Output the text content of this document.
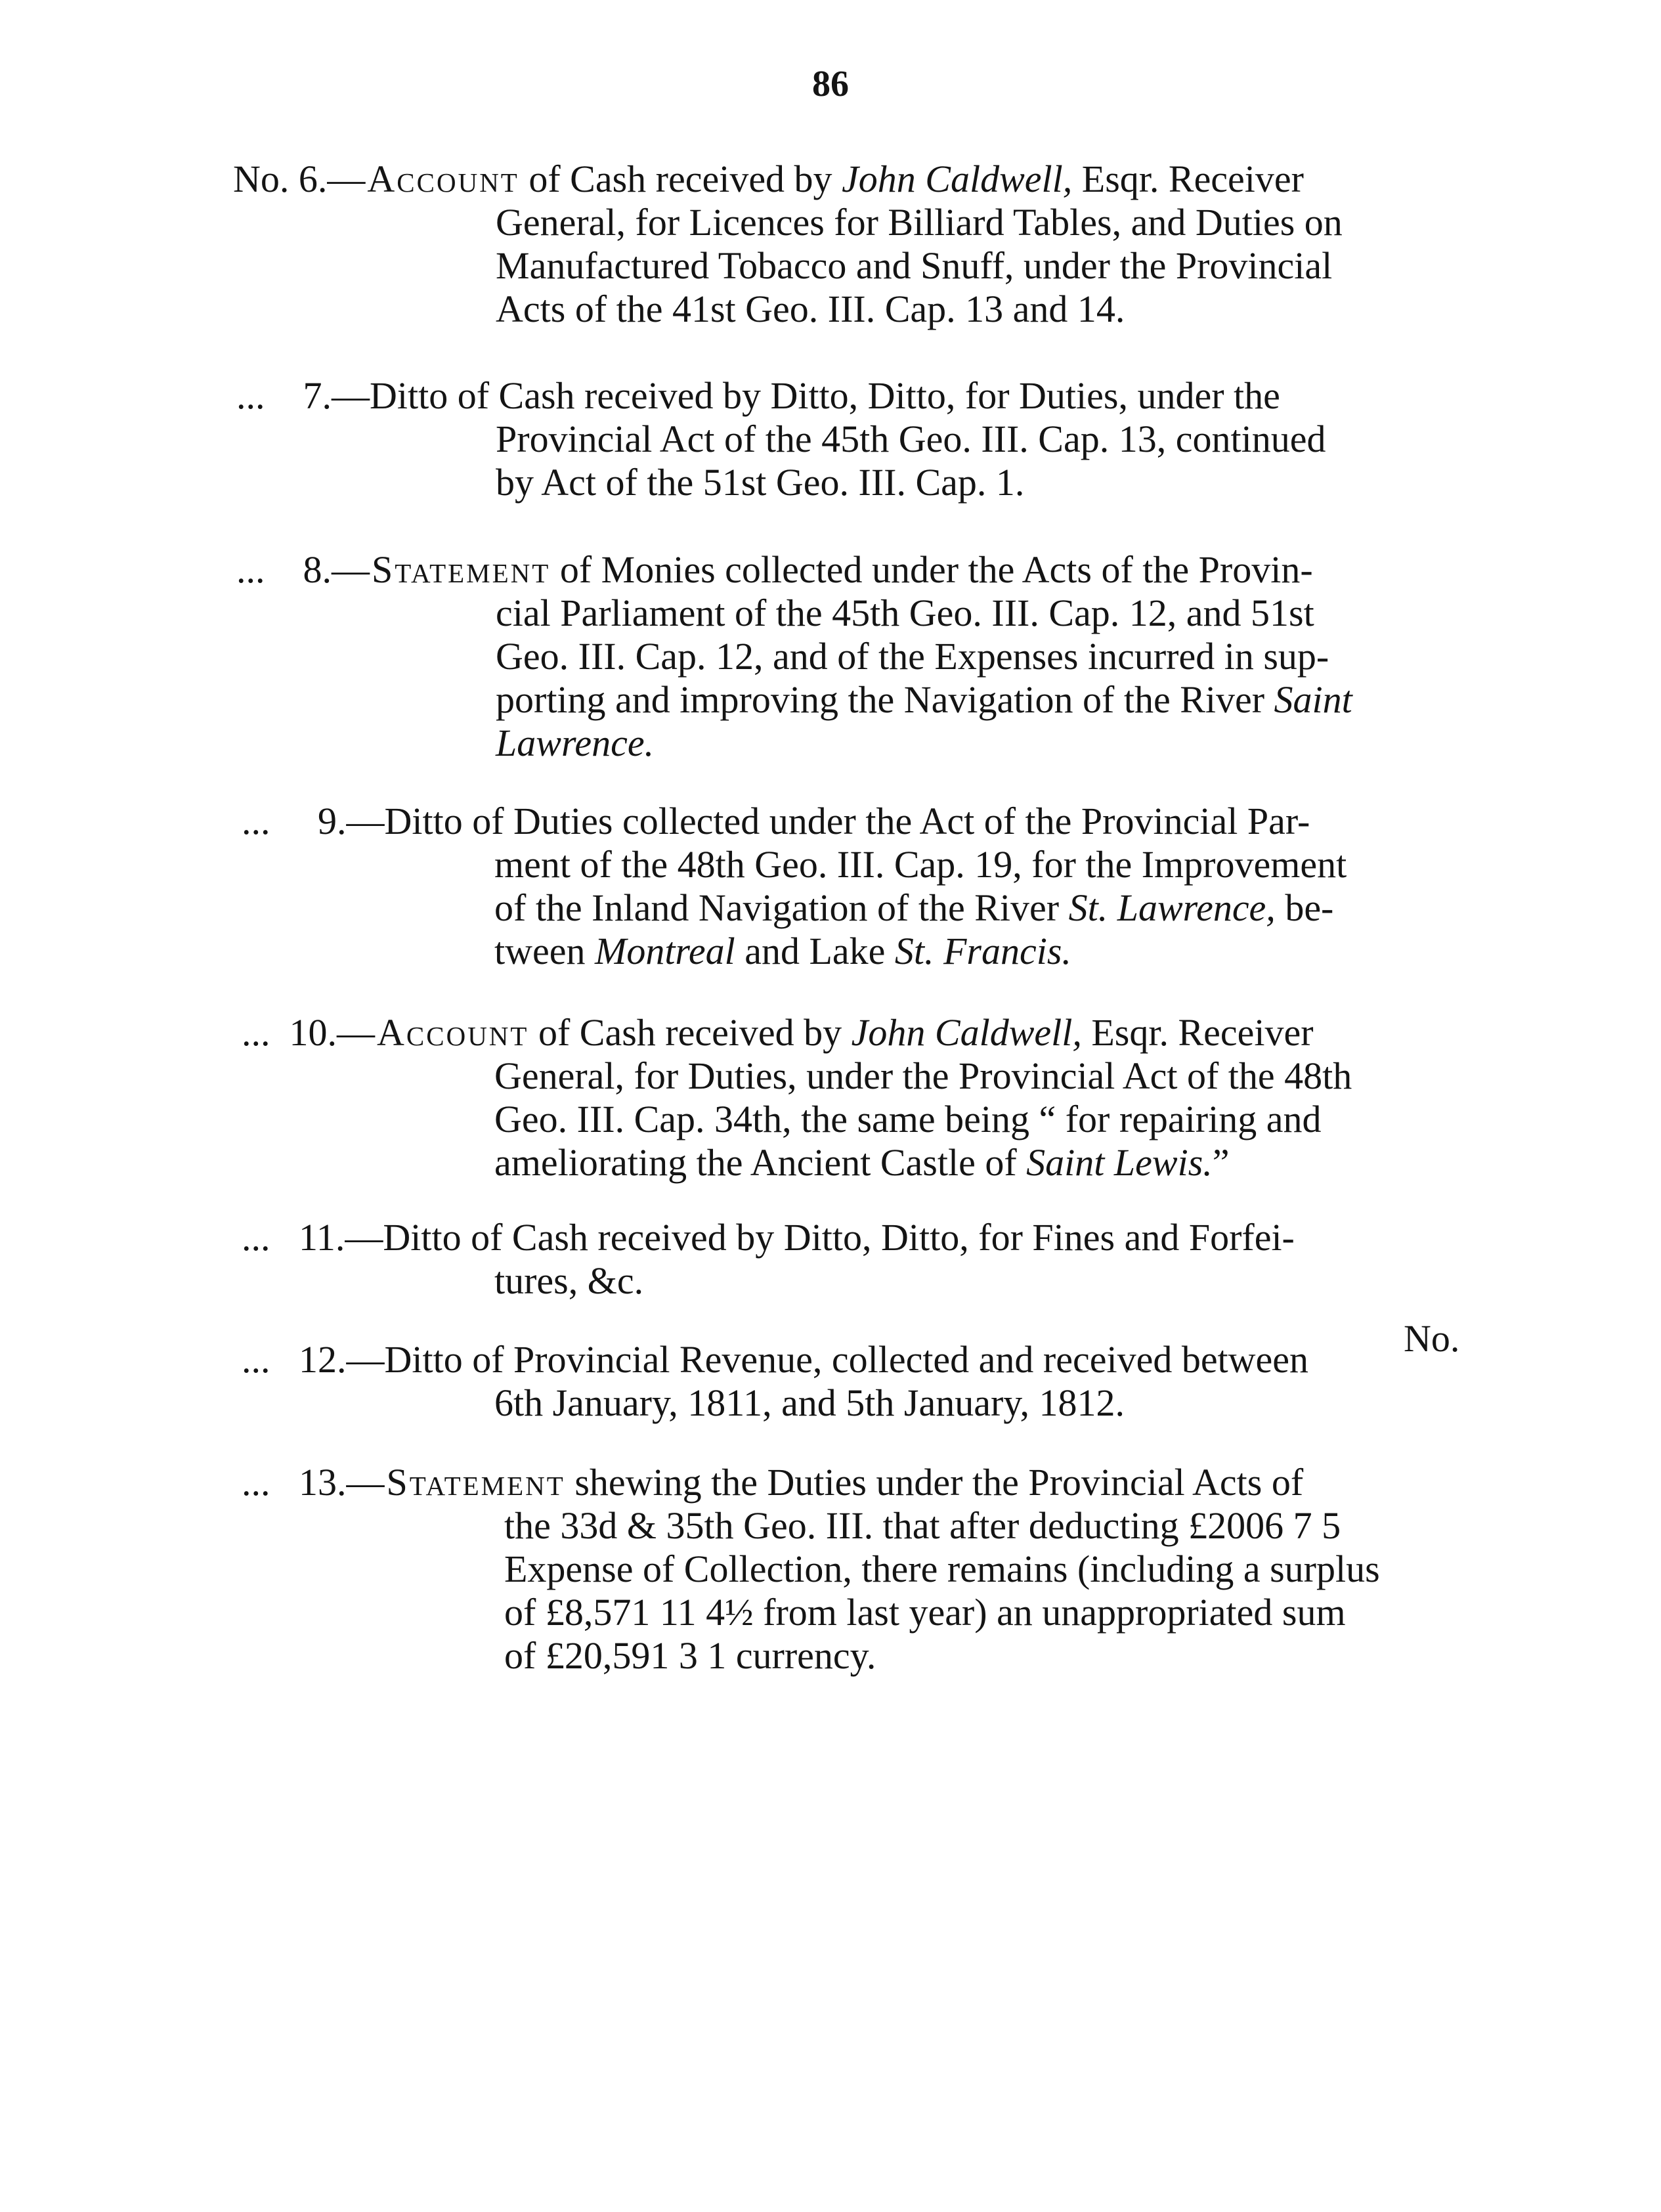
86
No. 6.—Account of Cash received by John Caldwell, Esqr. Receiver
General, for Licences for Billiard Tables, and Duties on
Manufactured Tobacco and Snuff, under the Provincial
Acts of the 41st Geo. III. Cap. 13 and 14.
... 7.—Ditto of Cash received by Ditto, Ditto, for Duties, under the
Provincial Act of the 45th Geo. III. Cap. 13, continued
by Act of the 51st Geo. III. Cap. 1.
... 8.—Statement of Monies collected under the Acts of the Provin-
cial Parliament of the 45th Geo. III. Cap. 12, and 51st
Geo. III. Cap. 12, and of the Expenses incurred in sup-
porting and improving the Navigation of the River Saint
Lawrence.
... 9.—Ditto of Duties collected under the Act of the Provincial Par-
ment of the 48th Geo. III. Cap. 19, for the Improvement
of the Inland Navigation of the River St. Lawrence, be-
tween Montreal and Lake St. Francis.
... 10.—Account of Cash received by John Caldwell, Esqr. Receiver
General, for Duties, under the Provincial Act of the 48th
Geo. III. Cap. 34th, the same being “ for repairing and
ameliorating the Ancient Castle of Saint Lewis.”
... 11.—Ditto of Cash received by Ditto, Ditto, for Fines and Forfei-
tures, &c.
... 12.—Ditto of Provincial Revenue, collected and received between
6th January, 1811, and 5th January, 1812.
... 13.—Statement shewing the Duties under the Provincial Acts of
the 33d & 35th Geo. III. that after deducting £2006 7 5
Expense of Collection, there remains (including a surplus
of £8,571 11 4½ from last year) an unappropriated sum
of £20,591 3 1 currency.
No.
